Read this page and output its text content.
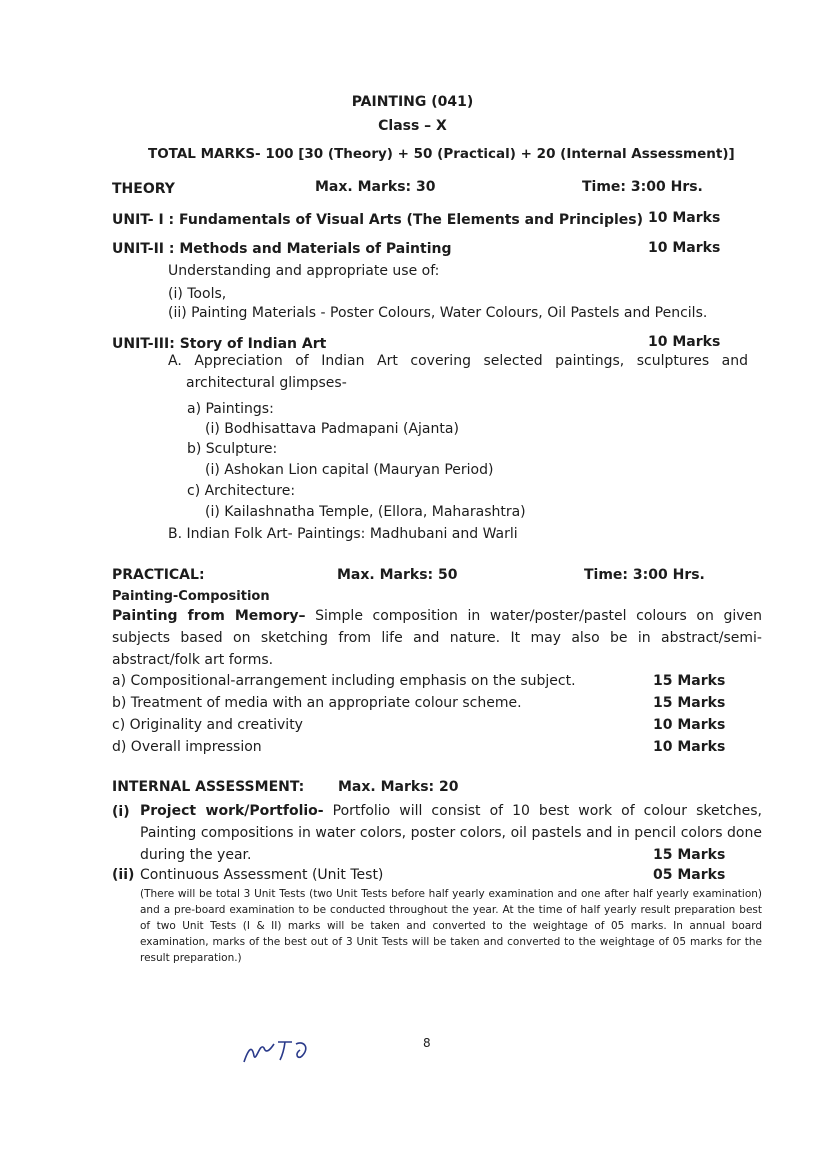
PAINTING (041)
Class – X
TOTAL MARKS- 100 [30 (Theory) + 50 (Practical) + 20 (Internal Assessment)]
THEORY	Max. Marks: 30	Time: 3:00 Hrs.
UNIT- I : Fundamentals of Visual Arts (The Elements and Principles) 10 Marks
UNIT-II : Methods and Materials of Painting	10 Marks
Understanding and appropriate use of:
(i) Tools,
(ii) Painting Materials - Poster Colours, Water Colours, Oil Pastels and Pencils.
UNIT-III: Story of Indian Art	10 Marks
A. Appreciation of Indian Art covering selected paintings, sculptures and architectural glimpses-
a) Paintings:
(i) Bodhisattava Padmapani (Ajanta)
b) Sculpture:
(i) Ashokan Lion capital (Mauryan Period)
c) Architecture:
(i) Kailashnatha Temple, (Ellora, Maharashtra)
B. Indian Folk Art- Paintings: Madhubani and Warli
PRACTICAL:	Max. Marks: 50	Time: 3:00 Hrs.
Painting-Composition
Painting from Memory– Simple composition in water/poster/pastel colours on given subjects based on sketching from life and nature. It may also be in abstract/semi-abstract/folk art forms.
a) Compositional-arrangement including emphasis on the subject.	15 Marks
b) Treatment of media with an appropriate colour scheme.	15 Marks
c) Originality and creativity	10 Marks
d) Overall impression	10 Marks
INTERNAL ASSESSMENT: Max. Marks: 20
(i) Project work/Portfolio- Portfolio will consist of 10 best work of colour sketches, Painting compositions in water colors, poster colors, oil pastels and in pencil colors done during the year.	15 Marks
(ii) Continuous Assessment (Unit Test)	05 Marks
(There will be total 3 Unit Tests (two Unit Tests before half yearly examination and one after half yearly examination) and a pre-board examination to be conducted throughout the year. At the time of half yearly result preparation best of two Unit Tests (I & II) marks will be taken and converted to the weightage of 05 marks. In annual board examination, marks of the best out of 3 Unit Tests will be taken and converted to the weightage of 05 marks for the result preparation.)
8
